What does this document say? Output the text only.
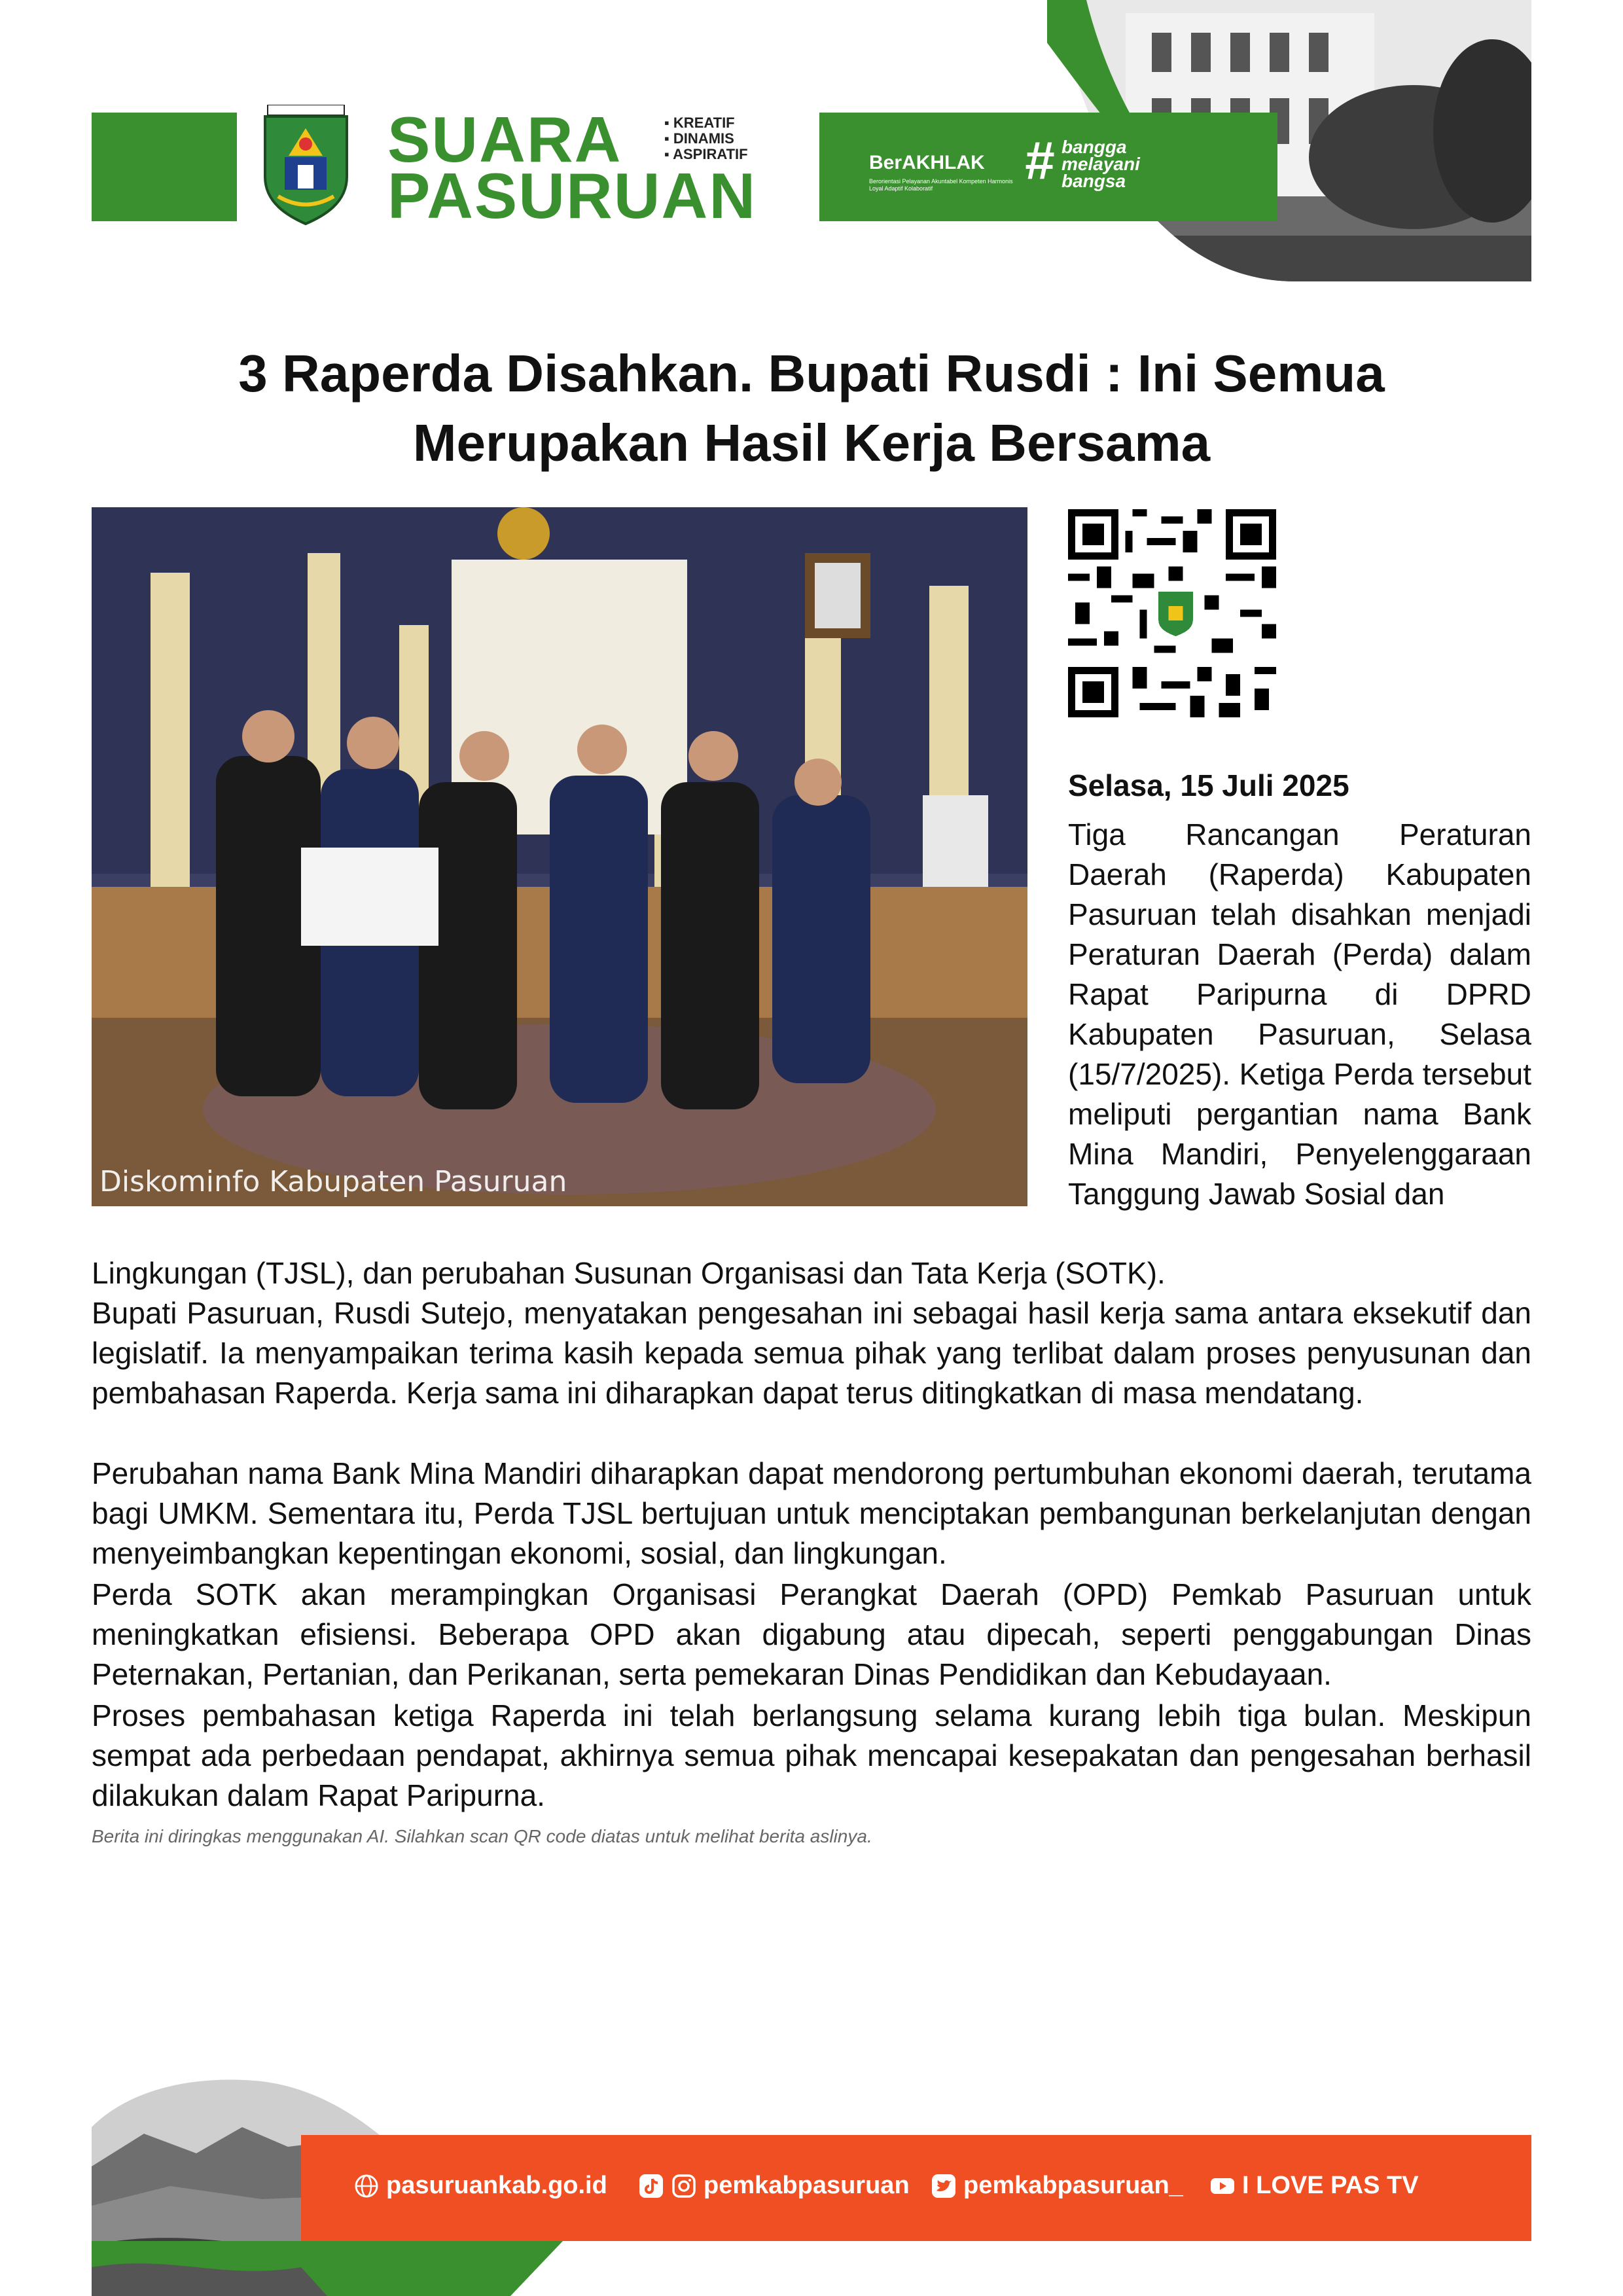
SUARA
PASURUAN
▪ KREATIF
▪ DINAMIS
▪ ASPIRATIF	BerAKHLAK
Berorientasi Pelayanan Akuntabel Kompeten Harmonis Loyal Adaptif Kolaboratif	# bangga
melayani
bangsa
3 Raperda Disahkan. Bupati Rusdi : Ini Semua
Merupakan Hasil Kerja Bersama
Diskominfo Kabupaten Pasuruan
Selasa, 15 Juli 2025
Tiga Rancangan Peraturan Daerah (Raperda) Kabupaten Pasuruan telah disahkan menjadi Peraturan Daerah (Perda) dalam Rapat Paripurna di DPRD Kabupaten Pasuruan, Selasa (15/7/2025). Ketiga Perda tersebut meliputi pergantian nama Bank Mina Mandiri, Penyelenggaraan Tanggung Jawab Sosial dan
Lingkungan (TJSL), dan perubahan Susunan Organisasi dan Tata Kerja (SOTK).
Bupati Pasuruan, Rusdi Sutejo, menyatakan pengesahan ini sebagai hasil kerja sama antara eksekutif dan legislatif. Ia menyampaikan terima kasih kepada semua pihak yang terlibat dalam proses penyusunan dan pembahasan Raperda. Kerja sama ini diharapkan dapat terus ditingkatkan di masa mendatang.
Perubahan nama Bank Mina Mandiri diharapkan dapat mendorong pertumbuhan ekonomi daerah, terutama bagi UMKM. Sementara itu, Perda TJSL bertujuan untuk menciptakan pembangunan berkelanjutan dengan menyeimbangkan kepentingan ekonomi, sosial, dan lingkungan.
Perda SOTK akan merampingkan Organisasi Perangkat Daerah (OPD) Pemkab Pasuruan untuk meningkatkan efisiensi. Beberapa OPD akan digabung atau dipecah, seperti penggabungan Dinas Peternakan, Pertanian, dan Perikanan, serta pemekaran Dinas Pendidikan dan Kebudayaan.
Proses pembahasan ketiga Raperda ini telah berlangsung selama kurang lebih tiga bulan. Meskipun sempat ada perbedaan pendapat, akhirnya semua pihak mencapai kesepakatan dan pengesahan berhasil dilakukan dalam Rapat Paripurna.
Berita ini diringkas menggunakan AI. Silahkan scan QR code diatas untuk melihat berita aslinya.
pasuruankab.go.id	pemkabpasuruan pemkabpasuruan_ I LOVE PAS TV
